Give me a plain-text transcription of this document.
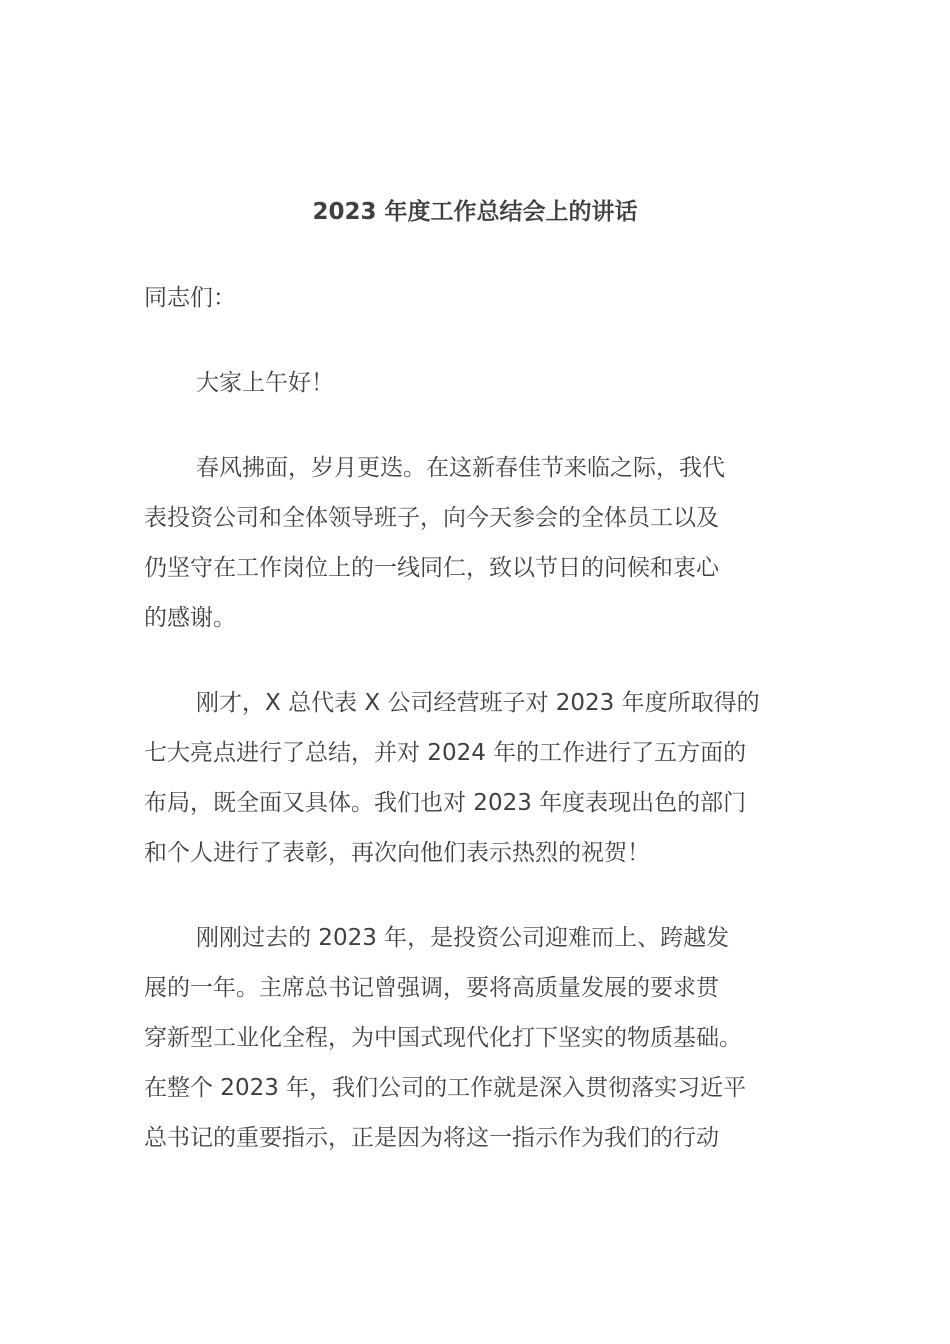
2023 年度工作总结会上的讲话
同志们：
大家上午好！
春风拂面，岁月更迭。在这新春佳节来临之际，我代
表投资公司和全体领导班子，向今天参会的全体员工以及
仍坚守在工作岗位上的一线同仁，致以节日的问候和衷心
的感谢。
刚才，X 总代表 X 公司经营班子对 2023 年度所取得的
七大亮点进行了总结，并对 2024 年的工作进行了五方面的
布局，既全面又具体。我们也对 2023 年度表现出色的部门
和个人进行了表彰，再次向他们表示热烈的祝贺！
刚刚过去的 2023 年，是投资公司迎难而上、跨越发
展的一年。主席总书记曾强调，要将高质量发展的要求贯
穿新型工业化全程，为中国式现代化打下坚实的物质基础。
在整个 2023 年，我们公司的工作就是深入贯彻落实习近平
总书记的重要指示，正是因为将这一指示作为我们的行动
